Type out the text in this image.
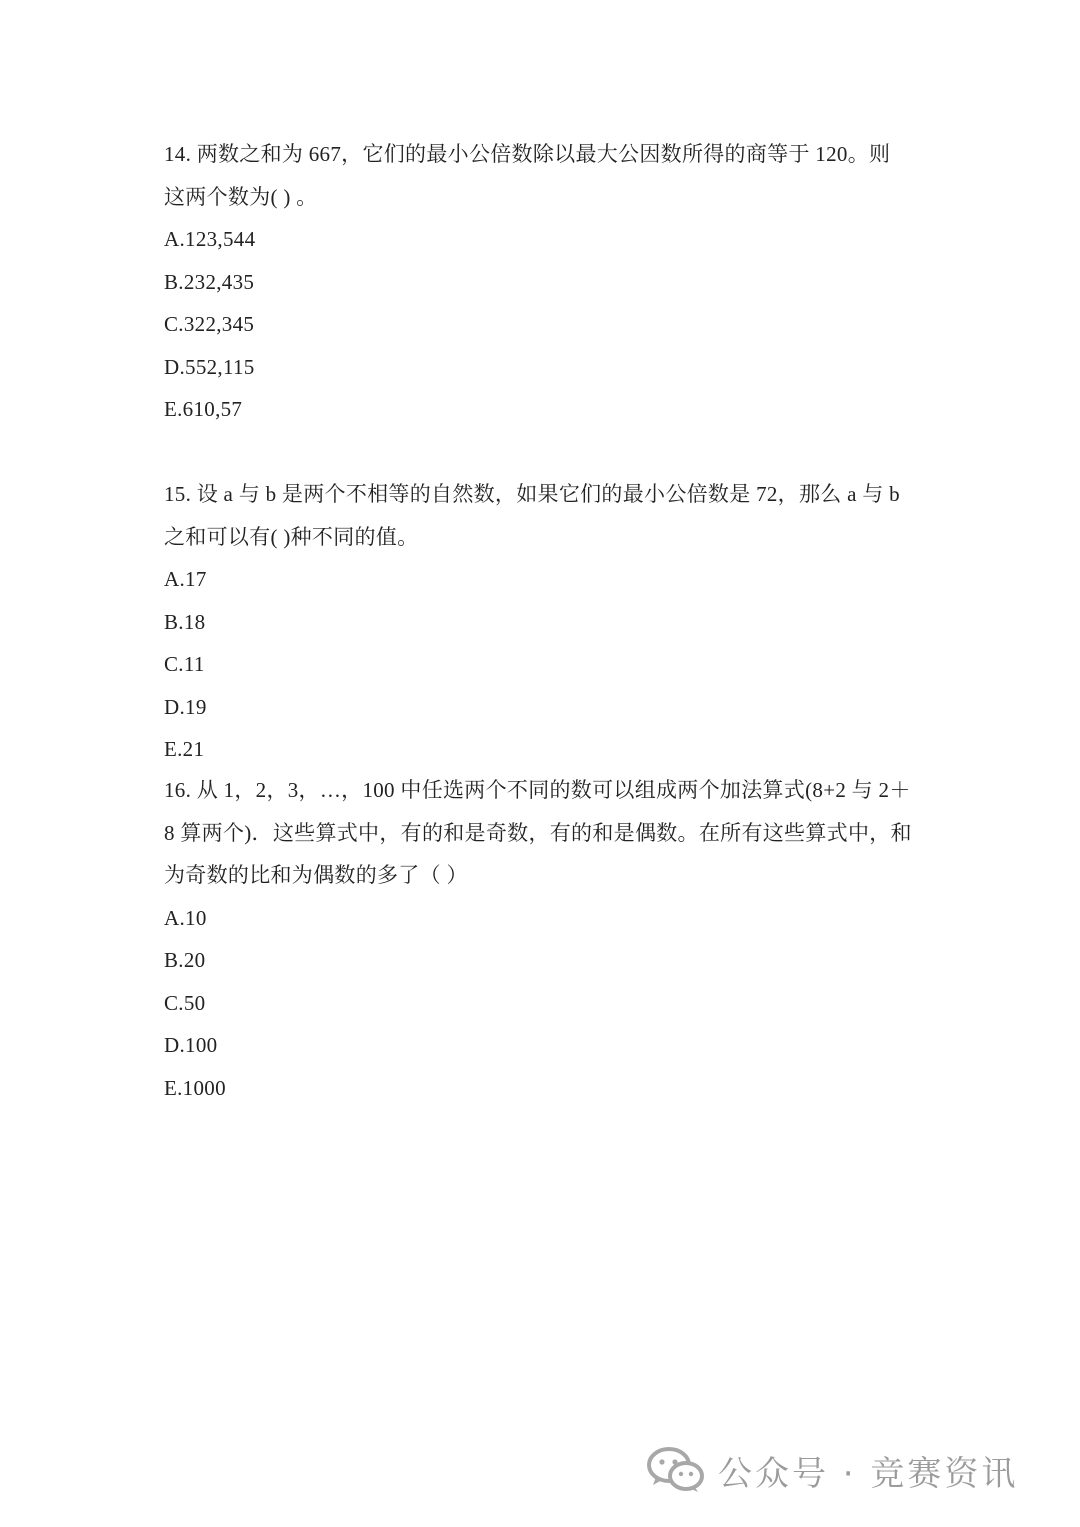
14. 两数之和为 667，它们的最小公倍数除以最大公因数所得的商等于 120。则
这两个数为( ) 。
A.123,544
B.232,435
C.322,345
D.552,115
E.610,57
15. 设 a 与 b 是两个不相等的自然数，如果它们的最小公倍数是 72，那么 a 与 b
之和可以有( )种不同的值。
A.17
B.18
C.11
D.19
E.21
16. 从 1，2，3，…，100 中任选两个不同的数可以组成两个加法算式(8+2 与 2＋
8 算两个)．这些算式中，有的和是奇数，有的和是偶数。在所有这些算式中，和
为奇数的比和为偶数的多了（ ）
A.10
B.20
C.50
D.100
E.1000
公众号 · 竞赛资讯
